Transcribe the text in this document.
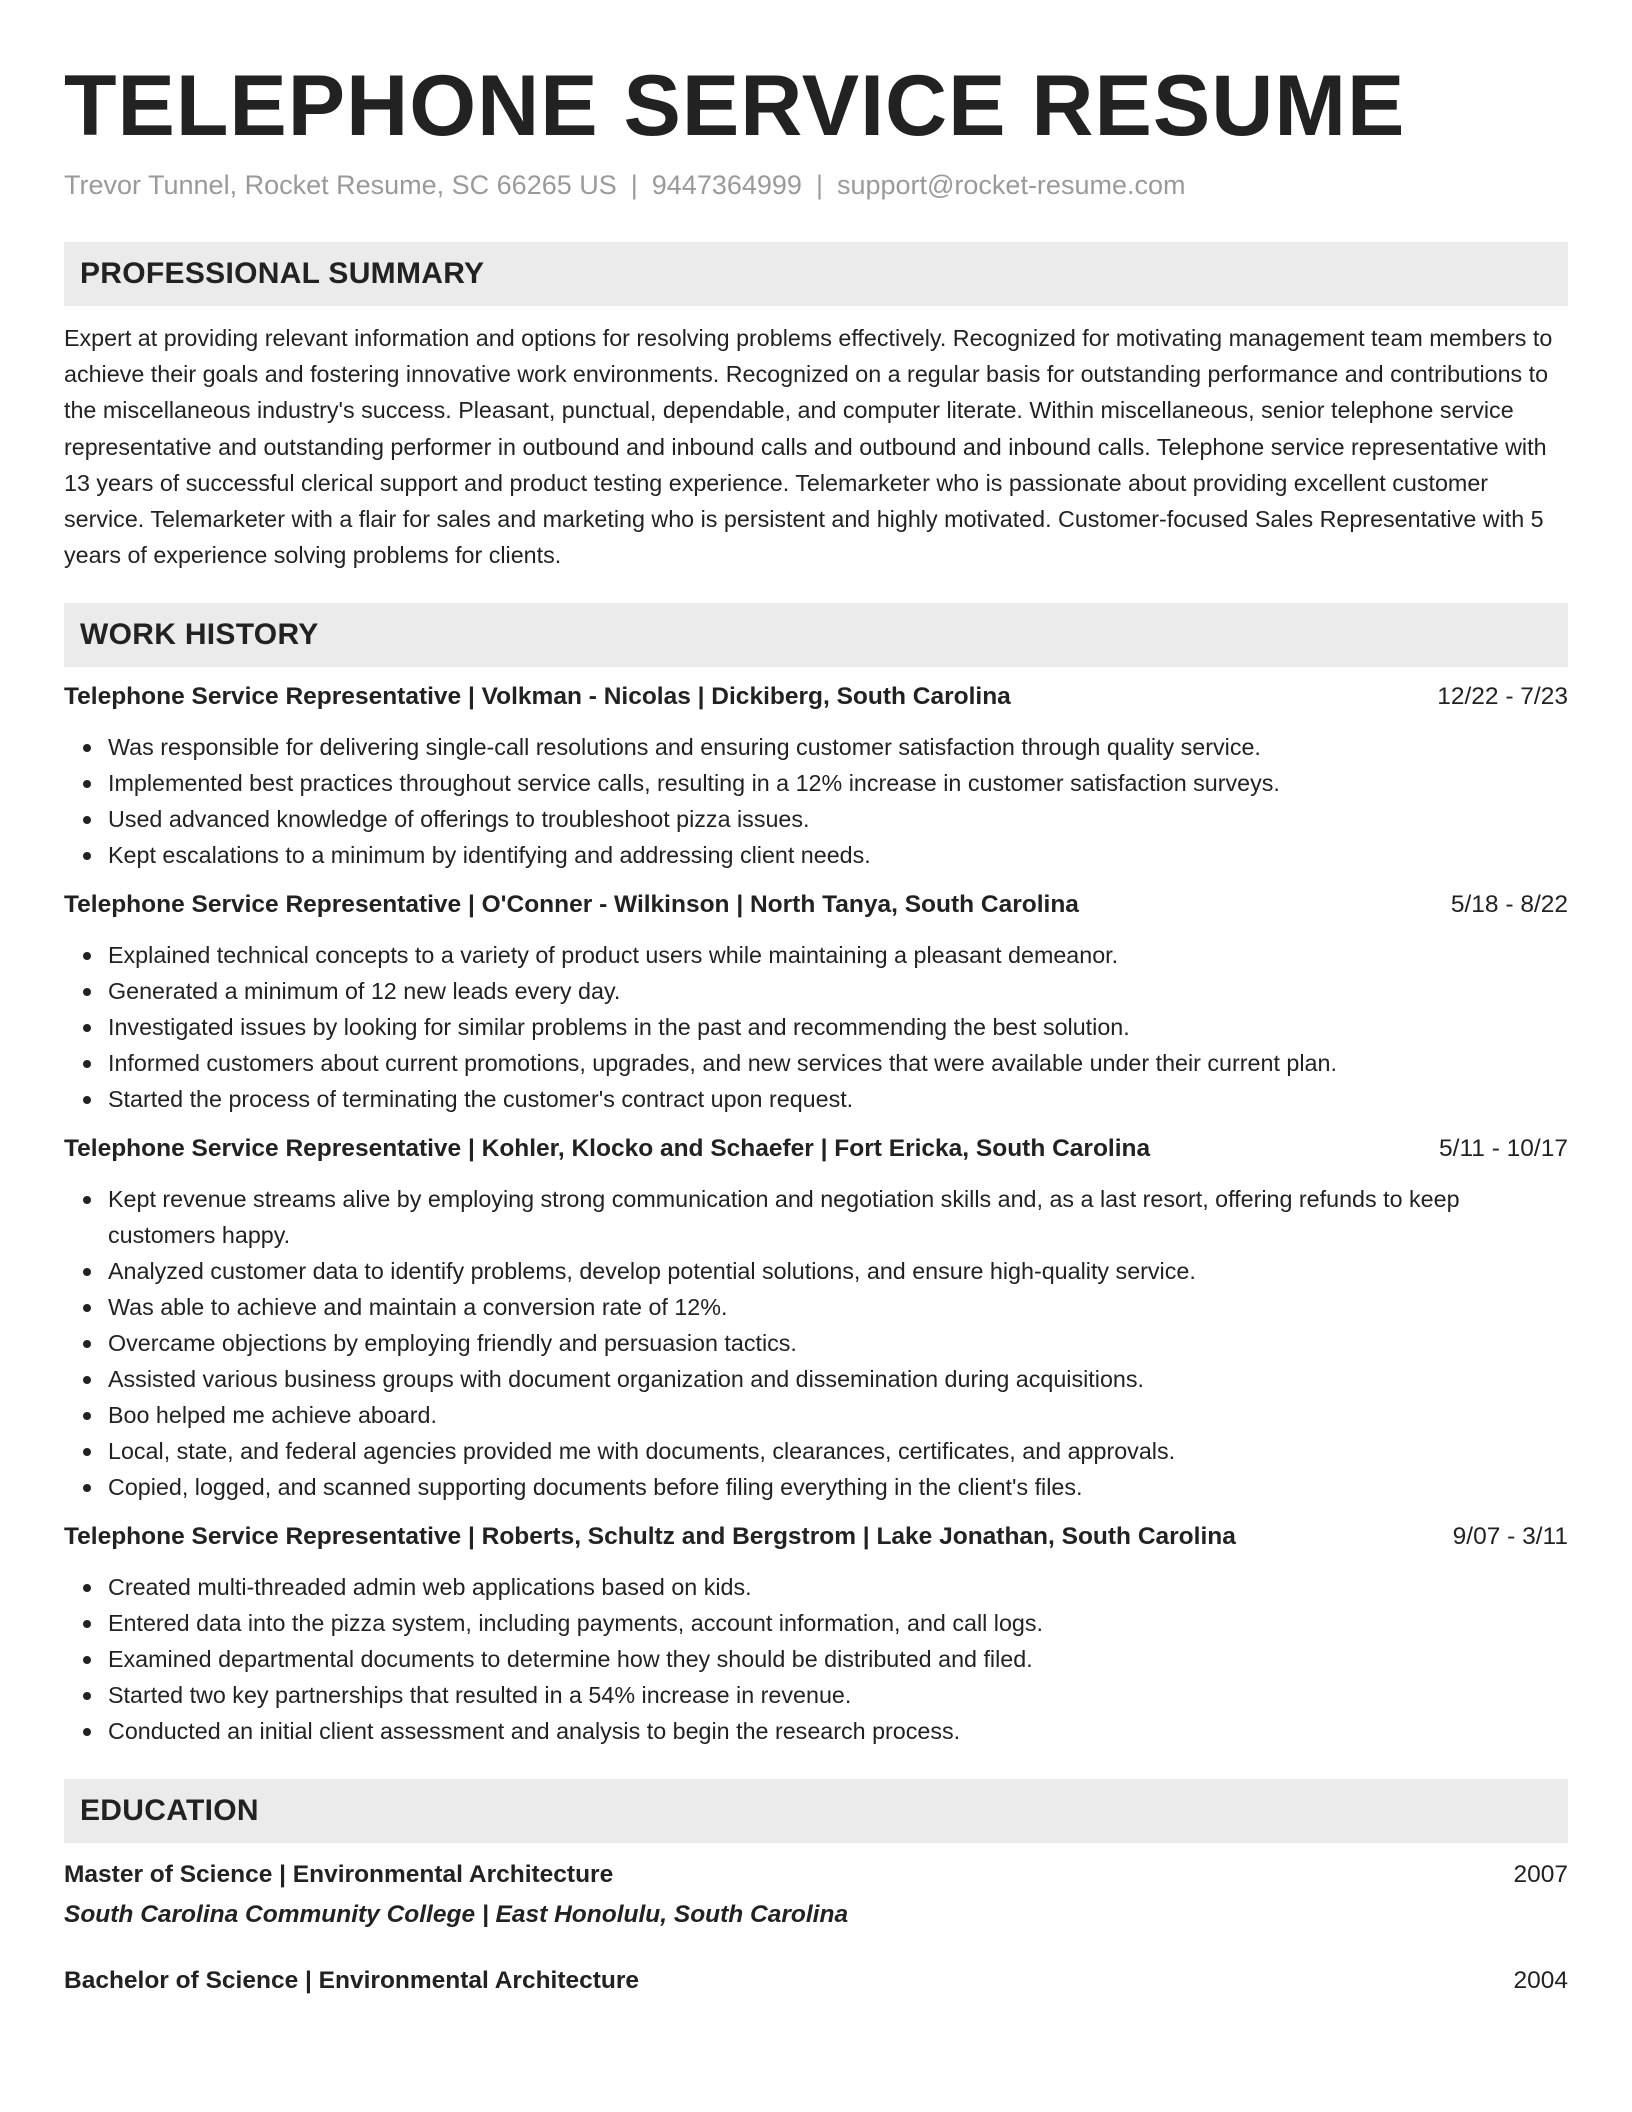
TELEPHONE SERVICE RESUME
Trevor Tunnel, Rocket Resume, SC 66265 US | 9447364999 | support@rocket-resume.com
PROFESSIONAL SUMMARY

Expert at providing relevant information and options for resolving problems effectively. Recognized for motivating management team members to achieve their goals and fostering innovative work environments. Recognized on a regular basis for outstanding performance and contributions to the miscellaneous industry's success. Pleasant, punctual, dependable, and computer literate. Within miscellaneous, senior telephone service representative and outstanding performer in outbound and inbound calls and outbound and inbound calls. Telephone service representative with 13 years of successful clerical support and product testing experience. Telemarketer who is passionate about providing excellent customer service. Telemarketer with a flair for sales and marketing who is persistent and highly motivated. Customer-focused Sales Representative with 5 years of experience solving problems for clients.

WORK HISTORY
Telephone Service Representative | Volkman - Nicolas | Dickiberg, South Carolina	12/22 - 7/23
Was responsible for delivering single-call resolutions and ensuring customer satisfaction through quality service.
Implemented best practices throughout service calls, resulting in a 12% increase in customer satisfaction surveys.
Used advanced knowledge of offerings to troubleshoot pizza issues.
Kept escalations to a minimum by identifying and addressing client needs.
Telephone Service Representative | O'Conner - Wilkinson | North Tanya, South Carolina	5/18 - 8/22
Explained technical concepts to a variety of product users while maintaining a pleasant demeanor.
Generated a minimum of 12 new leads every day.
Investigated issues by looking for similar problems in the past and recommending the best solution.
Informed customers about current promotions, upgrades, and new services that were available under their current plan.
Started the process of terminating the customer's contract upon request.
Telephone Service Representative | Kohler, Klocko and Schaefer | Fort Ericka, South Carolina	5/11 - 10/17
Kept revenue streams alive by employing strong communication and negotiation skills and, as a last resort, offering refunds to keep customers happy.
Analyzed customer data to identify problems, develop potential solutions, and ensure high-quality service.
Was able to achieve and maintain a conversion rate of 12%.
Overcame objections by employing friendly and persuasion tactics.
Assisted various business groups with document organization and dissemination during acquisitions.
Boo helped me achieve aboard.
Local, state, and federal agencies provided me with documents, clearances, certificates, and approvals.
Copied, logged, and scanned supporting documents before filing everything in the client's files.
Telephone Service Representative | Roberts, Schultz and Bergstrom | Lake Jonathan, South Carolina	9/07 - 3/11
Created multi-threaded admin web applications based on kids.
Entered data into the pizza system, including payments, account information, and call logs.
Examined departmental documents to determine how they should be distributed and filed.
Started two key partnerships that resulted in a 54% increase in revenue.
Conducted an initial client assessment and analysis to begin the research process.
EDUCATION
Master of Science | Environmental Architecture	2007
South Carolina Community College | East Honolulu, South Carolina
Bachelor of Science | Environmental Architecture	2004
